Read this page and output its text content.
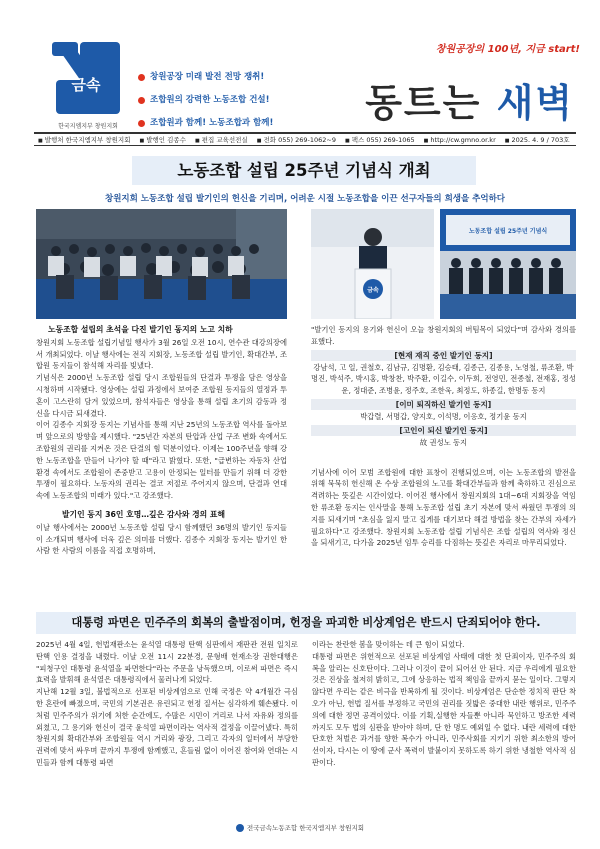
금속
한국지엠지부 창원지회
창원공장 미래 발전 전망 쟁취!
조합원의 강력한 노동조합 건설!
조합원과 함께! 노동조합과 함께!
창원공장의 100년, 지금 start!
동트는 새벽
■ 발행처 한국지엠지부 창원지회	■ 발행인 김종수	■ 편집 교육선전실	■ 전화 055) 269-1062~9	■ 팩스 055) 269-1065	■ http://cw.gmno.or.kr	■ 2025. 4. 9 / 703호
노동조합 설립 25주년 기념식 개최
창원지회 노동조합 설립 발기인의 헌신을 기리며, 어려운 시절 노동조합을 이끈 선구자들의 희생을 추억하다
금속
노동조합 설립 25주년 기념식
노동조합 설립의 초석을 다진 발기인 동지의 노고 치하

창원지회 노동조합 설립기념일 행사가 3월 26일 오전 10시, 연수관 대강의장에서 개최되었다. 이날 행사에는 전직 지회장, 노동조합 설립 발기인, 확대간부, 조합원 동지들이 참석해 자리를 빛냈다.

기념식은 2000년 노동조합 설립 당시 조합원들의 단결과 투쟁을 담은 영상을 시청하며 시작됐다. 영상에는 설립 과정에서 보여준 조합원 동지들의 열정과 투혼이 고스란히 담겨 있었으며, 참석자들은 영상을 통해 설립 초기의 감동과 정신을 다시금 되새겼다.

이어 김종수 지회장 동지는 기념사를 통해 지난 25년의 노동조합 역사를 돌아보며 앞으로의 방향을 제시했다. "25년간 자본의 탄압과 산업 구조 변화 속에서도 조합원의 권리를 지켜온 것은 단결의 힘 덕분이었다. 이제는 100주년을 향해 강한 노동조합을 만들어 나가야 할 때"라고 밝혔다. 또한, "급변하는 자동차 산업 환경 속에서도 조합원이 존중받고 고용이 안정되는 일터를 만들기 위해 더 강한 투쟁이 필요하다. 노동자의 권리는 결코 저절로 주어지지 않으며, 단결과 연대 속에 노동조합의 미래가 있다."고 강조했다.

발기인 동지 36인 호명…깊은 감사와 경의 표해

이날 행사에서는 2000년 노동조합 설립 당시 함께했던 36명의 발기인 동지들이 소개되며 행사에 더욱 깊은 의미를 더했다. 김종수 지회장 동지는 발기인 한 사람 한 사람의 이름을 직접 호명하며,

"발기인 동지의 용기와 헌신이 오늘 창원지회의 버팀목이 되었다"며 감사와 경의를 표했다.

[현재 재직 중인 발기인 동지]
강남석, 고 일, 권철호, 김남규, 김명환, 김승태, 김종근, 김종용, 노영철, 류조환, 박명진, 박석주, 박시홍, 박창찬, 박주환, 이길수, 이두희, 전영민, 전종철, 전재홍, 정성운, 정대준, 조병윤, 정주호, 조한욱, 최정도, 하종길, 한명동 동지
[이미 퇴직하신 발기인 동지]
박갑렬, 서명갑, 양지호, 이석명, 이응호, 정기윤 동지
[고인이 되신 발기인 동지]
故 권성노 동지

기념사에 이어 모범 조합원에 대한 표창이 진행되었으며, 이는 노동조합의 발전을 위해 묵묵히 헌신해 온 수상 조합원의 노고를 확대간부들과 함께 축하하고 진심으로 격려하는 뜻깊은 시간이었다. 이어진 행사에서 창원지회의 1대~6대 지회장을 역임한 류조환 동지는 인사말을 통해 노동조합 설립 초기 자본에 맞서 싸웠던 투쟁의 의지를 되새기며 "초심을 잃지 말고 집게를 대기보다 해결 방법을 찾는 간부의 자세가 필요하다"고 강조했다. 창원지회 노동조합 설립 기념식은 조합 설립의 역사와 정신을 되새기고, 다가올 2025년 임투 승리를 다짐하는 뜻깊은 자리로 마무리되었다.

대통령 파면은 민주주의 회복의 출발점이며, 헌정을 파괴한 비상계엄은 반드시 단죄되어야 한다.

2025년 4월 4일, 헌법재판소는 윤석열 대통령 탄핵 심판에서 재판관 전원 일치로 탄핵 인용 결정을 내렸다. 이날 오전 11시 22분경, 문형배 헌재소장 권한대행은 "피청구인 대통령 윤석열을 파면한다"라는 주문을 낭독했으며, 이로써 파면은 즉시 효력을 발휘해 윤석열은 대통령직에서 물러나게 되었다.

지난해 12월 3일, 불법적으로 선포된 비상계엄으로 인해 국정은 약 4개월간 극심한 혼란에 빠졌으며, 국민의 기본권은 유린되고 헌정 질서는 심각하게 훼손됐다. 이처럼 민주주의가 위기에 처한 순간에도, 수많은 시민이 거리로 나서 자유와 정의를 외쳤고, 그 용기와 헌신이 결국 윤석열 파면이라는 역사적 결정을 이끌어냈다. 특히 창원지회 확대간부와 조합원들 역시 거리와 광장, 그리고 각자의 일터에서 부당한 권력에 맞서 싸우며 끝까지 투쟁에 함께했고, 흔들림 없이 이어진 참여와 연대는 시민들과 함께 대통령 파면

이라는 찬란한 봄을 맞이하는 데 큰 힘이 되었다.

대통령 파면은 위헌적으로 선포된 비상계엄 사태에 대한 첫 단죄이자, 민주주의 회복을 알리는 신호탄이다. 그러나 이것이 끝이 되어선 안 된다. 지금 우리에게 필요한 것은 진상을 철저히 밝히고, 그에 상응하는 법적 책임을 끝까지 묻는 일이다. 그렇지 않다면 우리는 같은 비극을 반복하게 될 것이다. 비상계엄은 단순한 정치적 판단 착오가 아닌, 헌법 질서를 부정하고 국민의 권리를 짓밟은 중대한 내란 행위로, 민주주의에 대한 정면 공격이었다. 이를 기획,실행한 자들뿐 아니라 묵인하고 방조한 세력까지도 모두 법의 심판을 받아야 하며, 단 한 명도 예외일 수 없다. 내란 세력에 대한 단호한 처벌은 과거를 향한 복수가 아니라, 민주사회를 지키기 위한 최소한의 방어선이자, 다시는 이 땅에 군사 폭력이 발붙이지 못하도록 하기 위한 냉철한 역사적 심판이다.

전국금속노동조합 한국지엠지부 창원지회
